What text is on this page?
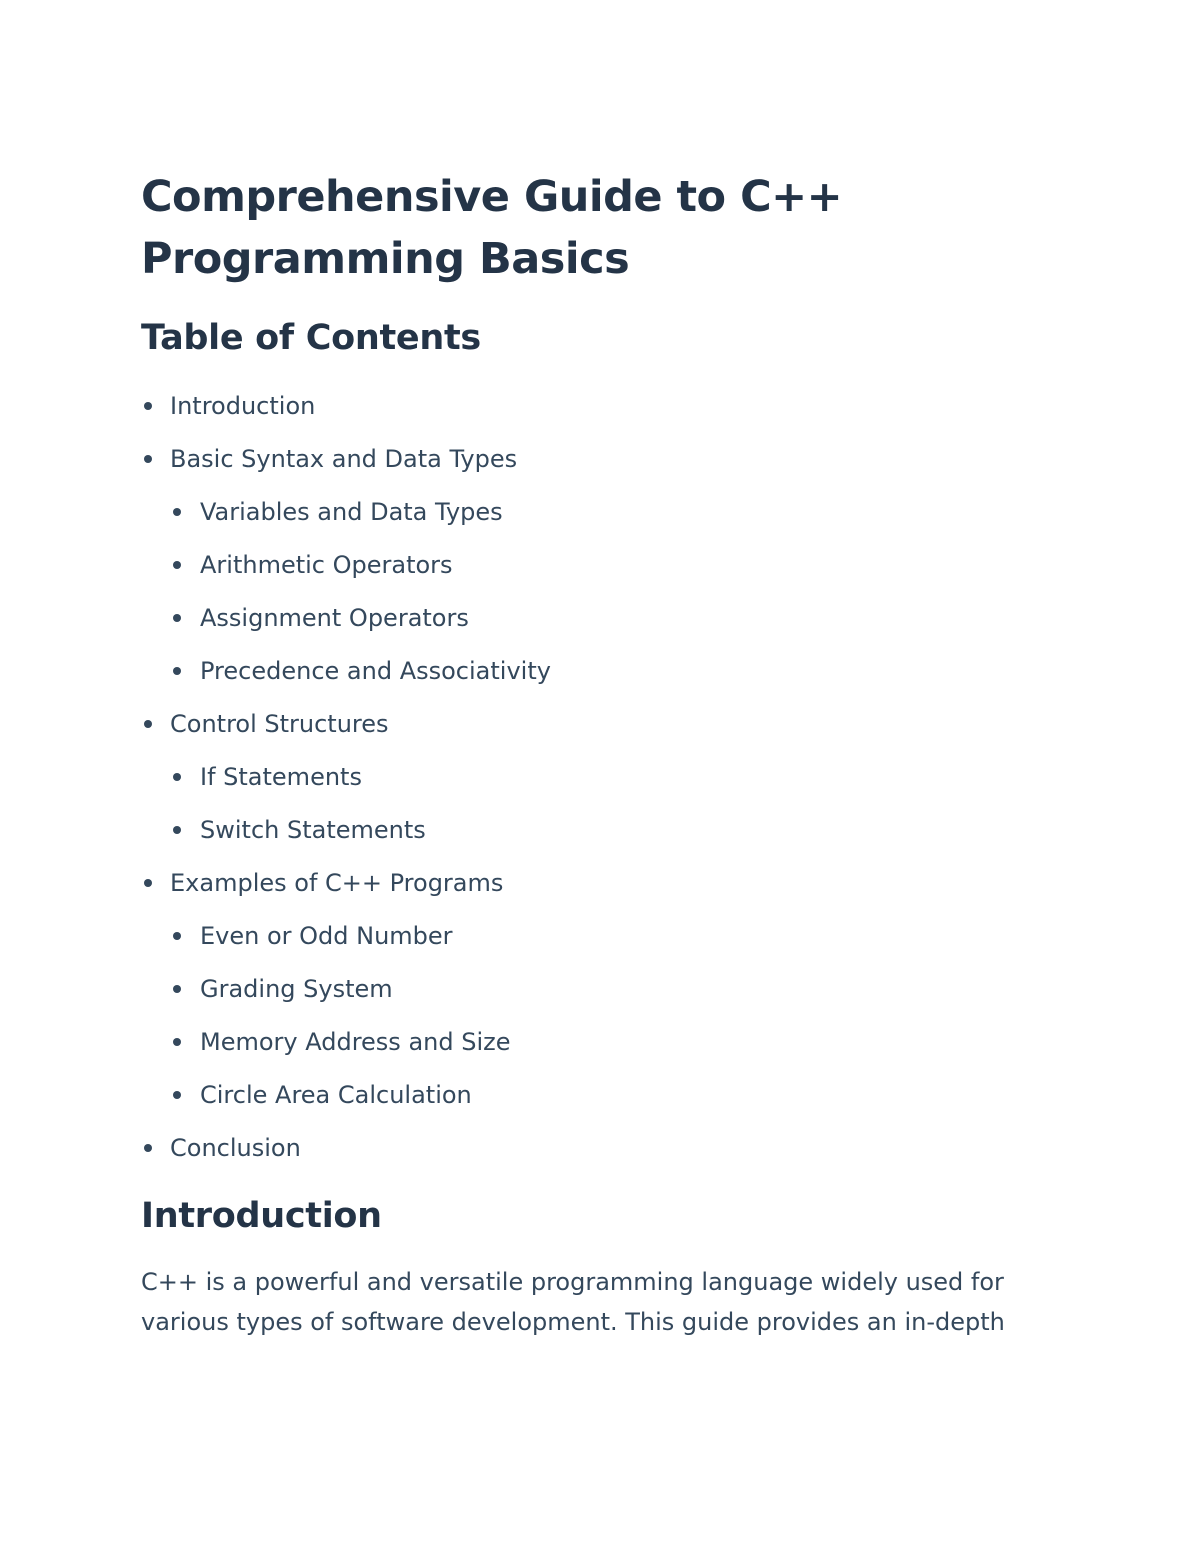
Comprehensive Guide to C++
Programming Basics
Table of Contents
Introduction
Basic Syntax and Data Types
Variables and Data Types
Arithmetic Operators
Assignment Operators
Precedence and Associativity
Control Structures
If Statements
Switch Statements
Examples of C++ Programs
Even or Odd Number
Grading System
Memory Address and Size
Circle Area Calculation
Conclusion
Introduction

C++ is a powerful and versatile programming language widely used for
various types of software development. This guide provides an in-depth
